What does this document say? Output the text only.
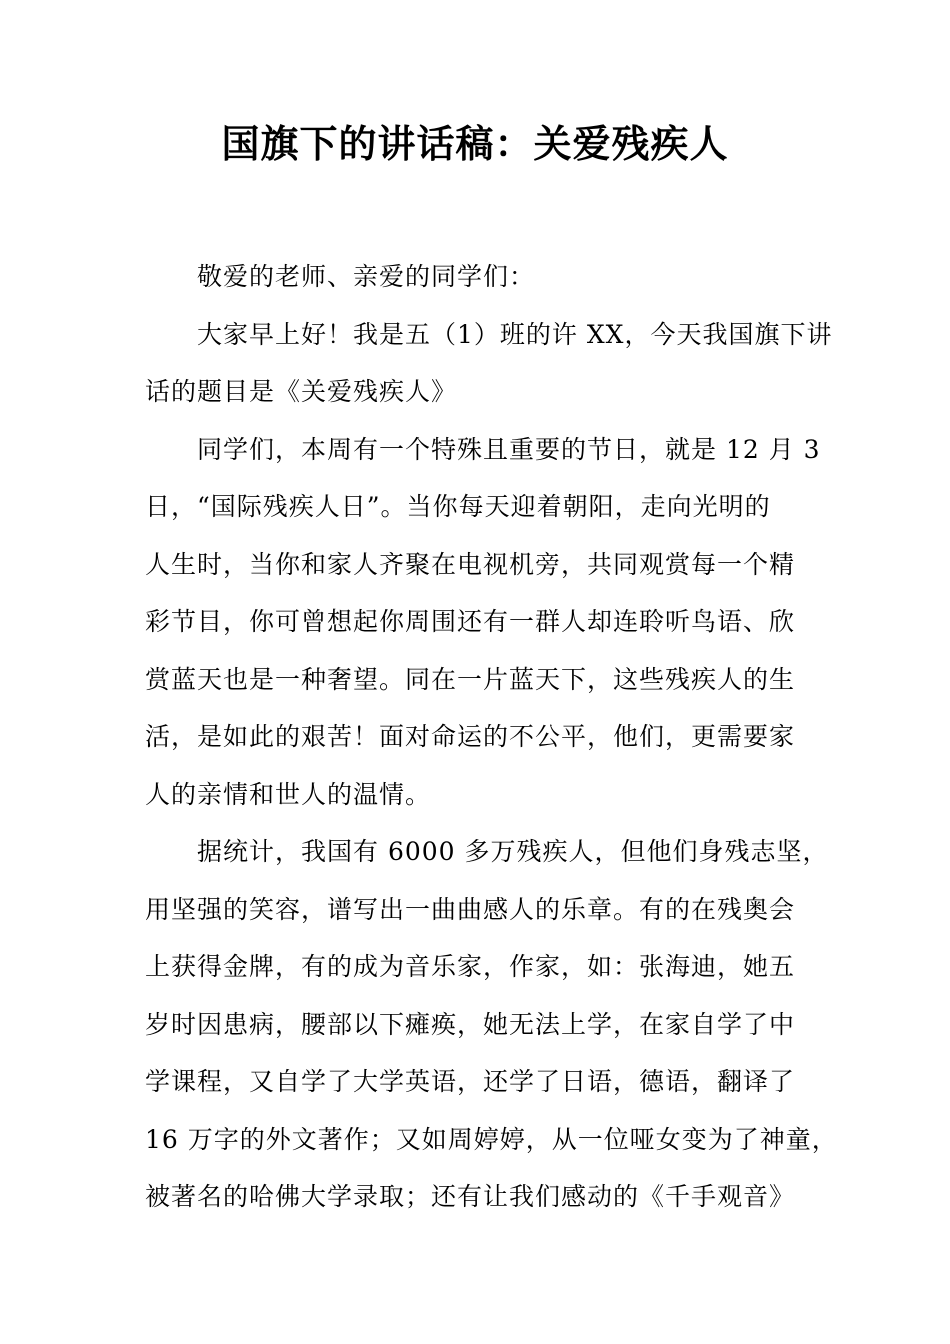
国旗下的讲话稿：关爱残疾人

敬爱的老师、亲爱的同学们：

大家早上好！我是五（1）班的许 XX，今天我国旗下讲

话的题目是《关爱残疾人》

同学们，本周有一个特殊且重要的节日，就是 12 月 3

日，“国际残疾人日”。当你每天迎着朝阳，走向光明的

人生时，当你和家人齐聚在电视机旁，共同观赏每一个精

彩节目，你可曾想起你周围还有一群人却连聆听鸟语、欣

赏蓝天也是一种奢望。同在一片蓝天下，这些残疾人的生

活，是如此的艰苦！面对命运的不公平，他们，更需要家

人的亲情和世人的温情。

据统计，我国有 6000 多万残疾人，但他们身残志坚，

用坚强的笑容，谱写出一曲曲感人的乐章。有的在残奥会

上获得金牌，有的成为音乐家，作家，如：张海迪，她五

岁时因患病，腰部以下瘫痪，她无法上学，在家自学了中

学课程，又自学了大学英语，还学了日语，德语，翻译了

16 万字的外文著作；又如周婷婷，从一位哑女变为了神童，

被著名的哈佛大学录取；还有让我们感动的《千手观音》
